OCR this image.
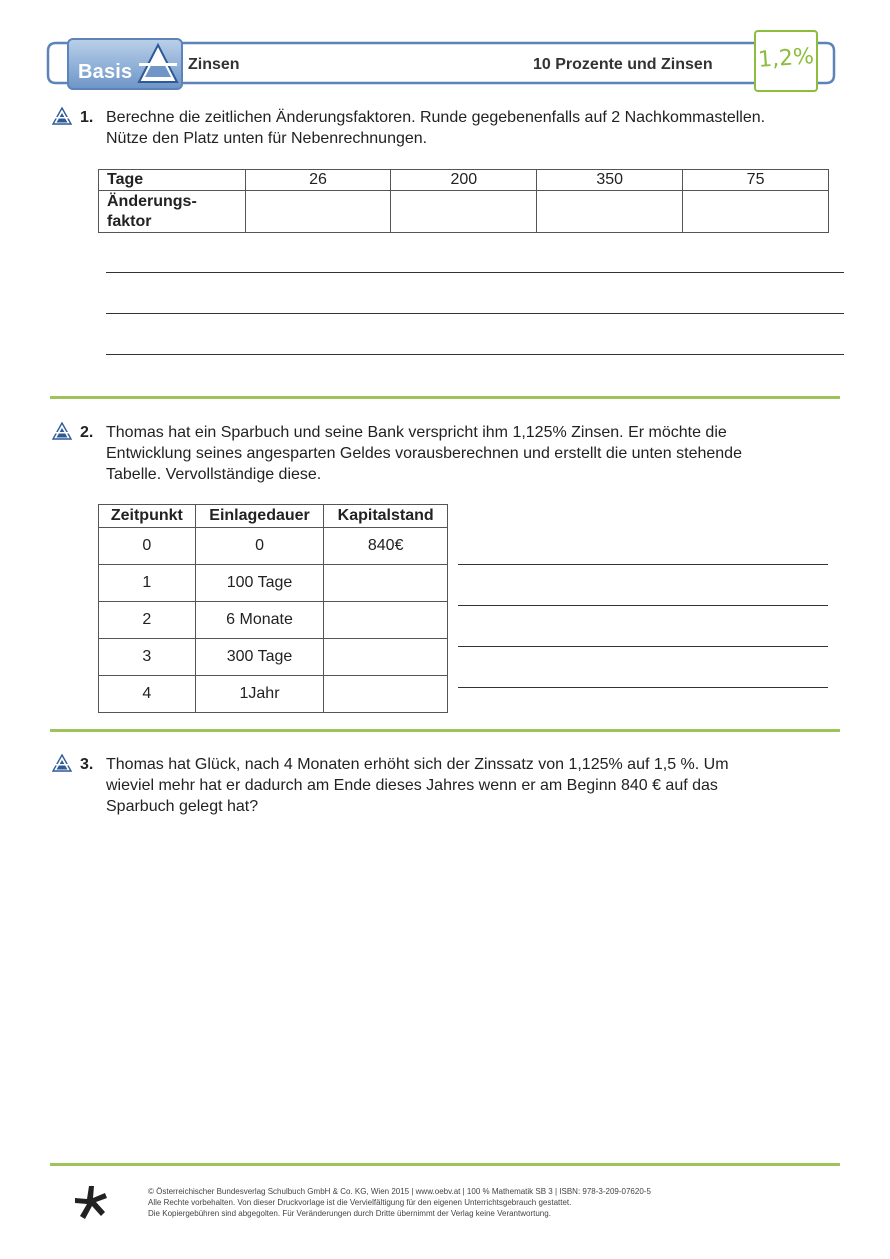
Basis	Zinsen	10 Prozente und Zinsen 1,2%
1. Berechne die zeitlichen Änderungsfaktoren. Runde gegebenenfalls auf 2 Nachkommastellen.
Nütze den Platz unten für Nebenrechnungen.
Tage	26	200	350	75

Änderungs-
faktor				

2. Thomas hat ein Sparbuch und seine Bank verspricht ihm 1,125% Zinsen. Er möchte die
Entwicklung seines angesparten Geldes vorausberechnen und erstellt die unten stehende
Tabelle. Vervollständige diese.
Zeitpunkt	Einlagedauer	Kapitalstand
0	0	840€
1	100 Tage	
2	6 Monate	
3	300 Tage	
4	1Jahr	
3. Thomas hat Glück, nach 4 Monaten erhöht sich der Zinssatz von 1,125% auf 1,5 %. Um
wieviel mehr hat er dadurch am Ende dieses Jahres wenn er am Beginn 840 € auf das
Sparbuch gelegt hat?
© Österreichischer Bundesverlag Schulbuch GmbH & Co. KG, Wien 2015 | www.oebv.at | 100 % Mathematik SB 3 | ISBN: 978-3-209-07620-5
Alle Rechte vorbehalten. Von dieser Druckvorlage ist die Vervielfältigung für den eigenen Unterrichtsgebrauch gestattet.
Die Kopiergebühren sind abgegolten. Für Veränderungen durch Dritte übernimmt der Verlag keine Verantwortung.
